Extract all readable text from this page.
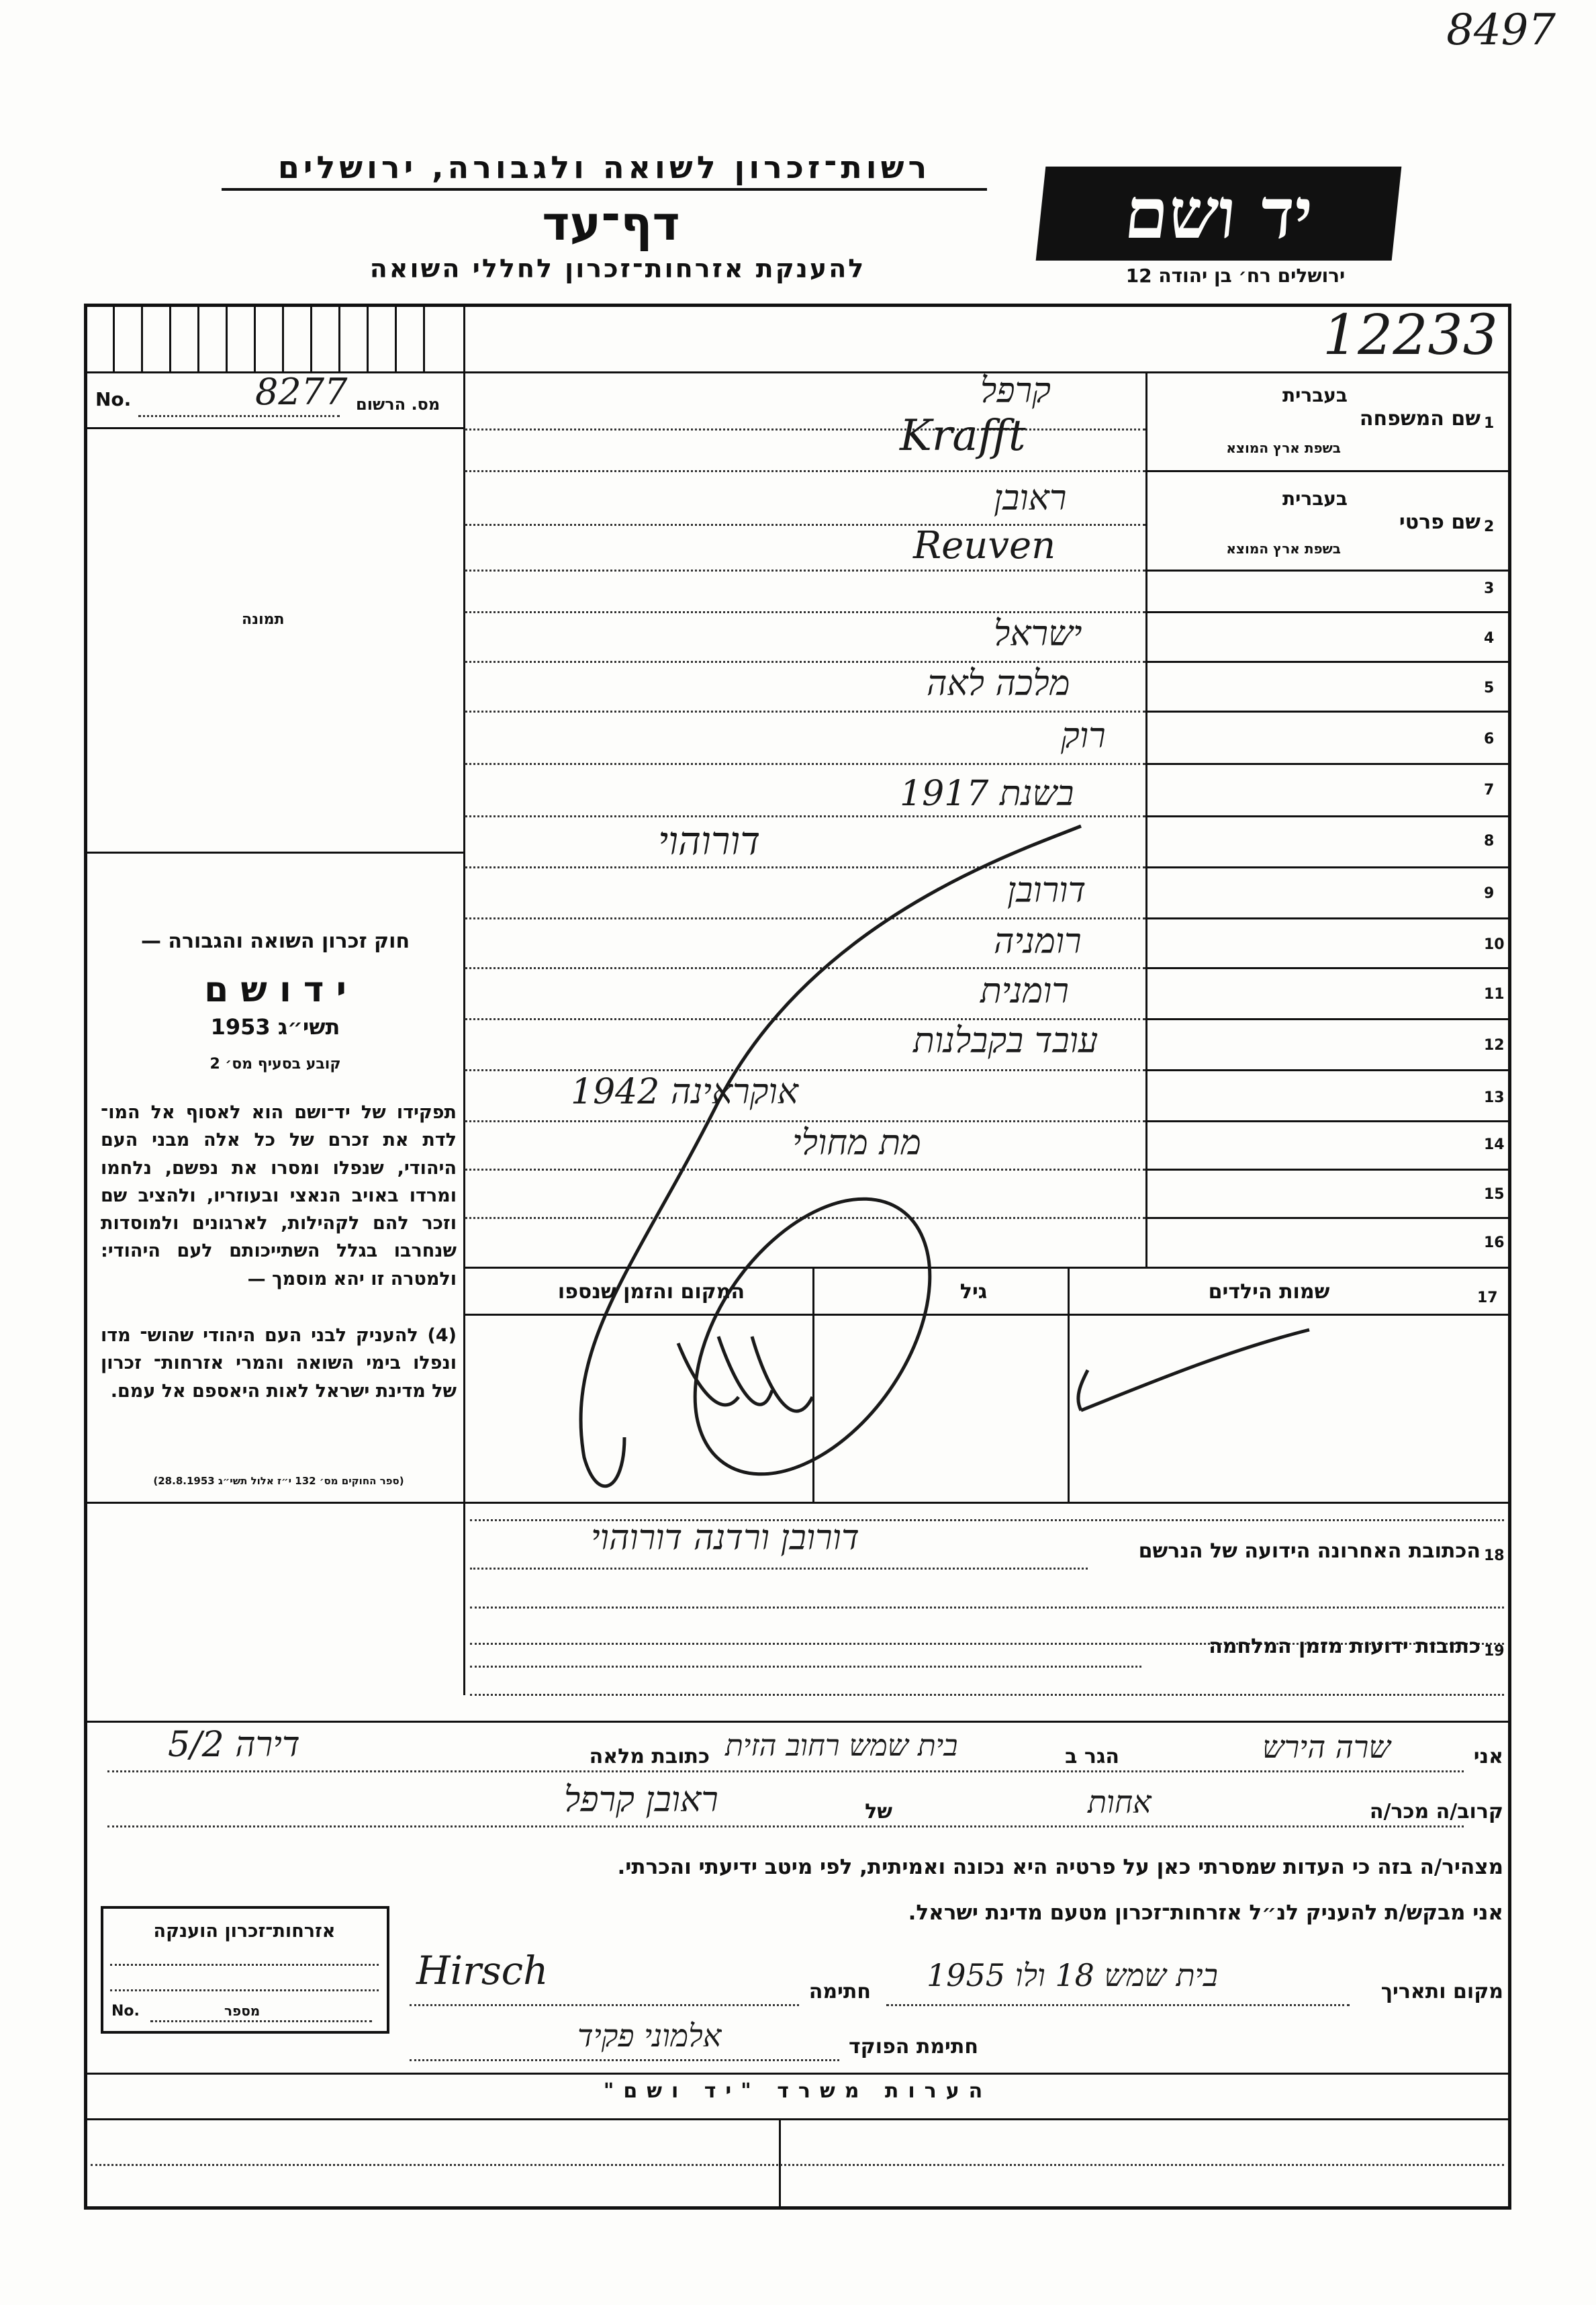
8497
רשות־זכרון לשואה ולגבורה, ירושלים
דף־עד
להענקת אזרחות־זכרון לחללי השואה
יד ושם
ירושלים רח׳ בן יהודה 12
12233
No.	8277 מס. הרשום
תמונה
חוק זכרון השואה והגבורה —
י ד ו ש ם
תשי״ג 1953
קובע בסעיף מס׳ 2
תפקידו של יד־ושם הוא לאסוף אל המו־ לדת את זכרם של כל אלה מבני העם היהודי, שנפלו ומסרו את נפשם, נלחמו ומרדו באויב הנאצי ובעוזריו, ולהציב שם וזכר להם לקהילות, לארגונים ולמוסדות שנחרבו בגלל השתייכותם לעם היהודי: ולמטרה זו יהא מוסמך —
(4) להעניק לבני העם היהודי שהוש־ מדו ונפלו בימי השואה והמרי אזרחות־ זכרון של מדינת ישראל לאות היאספם אל עמם.
(ספר החוקים מס׳ 132 י״ז אלול תשי״ג 28.8.1953)
1
שם המשפחה
בעברית
בשפת ארץ המוצא
קרפל
Krafft
2
שם פרטי
בעברית
בשפת ארץ המוצא
ראובן
Reuven
3
4
ישראל
5
מלכה לאה
6
רוק
7
בשנת 1917
8
דורוהוי
9
דורובן
10
רומניה
11
רומנית
12
עובד בקבלנות
13
אוקראינה 1942
14
מת מחולי
15
16
17
שמות הילדים
גיל
המקום והזמן שנספו
18
הכתובת האחרונה הידועה של הנרשם
דורובן ורדנה דורוהוי
19
כתובות ידועות מזמן המלחמה
אני
שרה הירש
הגר ב
בית שמש רחוב הזית
כתובת מלאה
דירה 5/2
קרוב/ה מכר/ה
אחות
של
ראובן קרפל
מצהיר/ה בזה כי העדות שמסרתי כאן על פרטיה היא נכונה ואמיתית, לפי מיטב ידיעתי והכרתי.
אני מבקש/ת להעניק לנ״ל אזרחות־זכרון מטעם מדינת ישראל.
מקום ותאריך
בית שמש 18 ולו 1955
חתימה
Hirsch
חתימת הפוקד
אלמוני פקיד
אזרחות־זכרון הוענקה
No.	מספר
הערות משרד "יד ושם"
